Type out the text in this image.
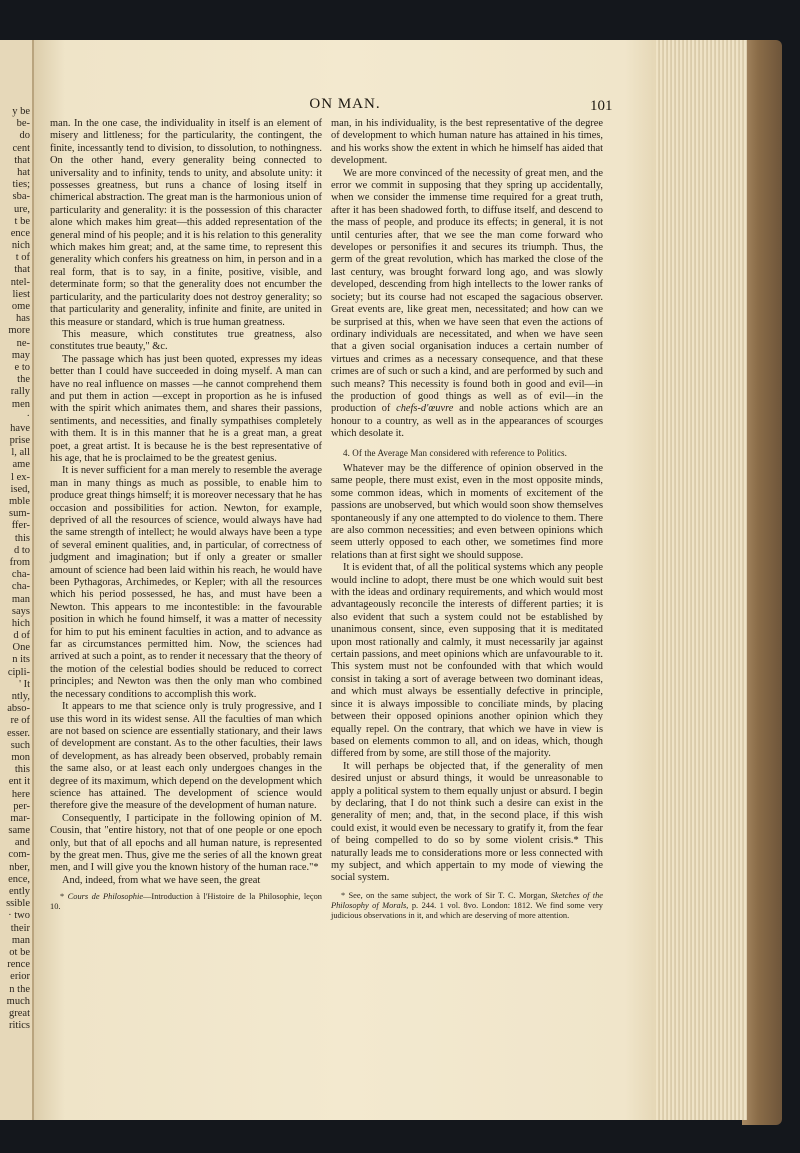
y be
be-
do
cent
that
hat
ties;
sba-
ure,
t be
ence
nich
t of
that
ntel-
liest
ome
has
more
ne-
may
e to
the
rally
men
·
have
prise
l, all
ame
l ex-
ised,
mble
sum-
ffer-
this
d to
from
cha-
cha-
man
says
hich
d of
One
n its
cipli-
' It
ntly,
abso-
re of
esser.
such
mon
this
ent it
here
per-
mar-
same
and
com-
nber,
ence,
ently
ssible
· two
their
man
ot be
rence
erior
n the
much
great
ritics
ON MAN.	101

man. In the one case, the individuality in itself is an element of misery and littleness; for the particularity, the contingent, the finite, incessantly tend to division, to dissolution, to nothingness. On the other hand, every generality being connected to universality and to infinity, tends to unity, and absolute unity: it possesses greatness, but runs a chance of losing itself in chimerical abstraction. The great man is the harmonious union of particularity and generality: it is the possession of this character alone which makes him great—this added representation of the general mind of his people; and it is his relation to this generality which makes him great; and, at the same time, to represent this generality which confers his greatness on him, in person and in a real form, that is to say, in a finite, positive, visible, and determinate form; so that the generality does not encumber the particularity, and the particularity does not destroy generality; so that particularity and generality, infinite and finite, are united in this measure or standard, which is true human greatness.

This measure, which constitutes true greatness, also constitutes true beauty," &c.

The passage which has just been quoted, expresses my ideas better than I could have succeeded in doing myself. A man can have no real influence on masses —he cannot comprehend them and put them in action —except in proportion as he is infused with the spirit which animates them, and shares their passions, sentiments, and necessities, and finally sympathises completely with them. It is in this manner that he is a great man, a great poet, a great artist. It is because he is the best representative of his age, that he is proclaimed to be the greatest genius.

It is never sufficient for a man merely to resemble the average man in many things as much as possible, to enable him to produce great things himself; it is moreover necessary that he has occasion and possibilities for action. Newton, for example, deprived of all the resources of science, would always have had the same strength of intellect; he would always have been a type of several eminent qualities, and, in particular, of correctness of judgment and imagination; but if only a greater or smaller amount of science had been laid within his reach, he would have been Pythagoras, Archimedes, or Kepler; with all the resources which his period possessed, he has, and must have been a Newton. This appears to me incontestible: in the favourable position in which he found himself, it was a matter of necessity for him to put his eminent faculties in action, and to advance as far as circumstances permitted him. Now, the sciences had arrived at such a point, as to render it necessary that the theory of the motion of the celestial bodies should be reduced to correct principles; and Newton was then the only man who combined the necessary conditions to accomplish this work.

It appears to me that science only is truly progressive, and I use this word in its widest sense. All the faculties of man which are not based on science are essentially stationary, and their laws of development are constant. As to the other faculties, their laws of development, as has already been observed, probably remain the same also, or at least each only undergoes changes in the degree of its maximum, which depend on the development which science has attained. The development of science would therefore give the measure of the development of human nature.

Consequently, I participate in the following opinion of M. Cousin, that "entire history, not that of one people or one epoch only, but that of all epochs and all human nature, is represented by the great men. Thus, give me the series of all the known great men, and I will give you the known history of the human race."*

And, indeed, from what we have seen, the great

* Cours de Philosophie—Introduction à l'Histoire de la Philosophie, leçon 10.

man, in his individuality, is the best representative of the degree of development to which human nature has attained in his times, and his works show the extent in which he himself has aided that development.

We are more convinced of the necessity of great men, and the error we commit in supposing that they spring up accidentally, when we consider the immense time required for a great truth, after it has been shadowed forth, to diffuse itself, and descend to the mass of people, and produce its effects; in general, it is not until centuries after, that we see the man come forward who developes or personifies it and secures its triumph. Thus, the germ of the great revolution, which has marked the close of the last century, was brought forward long ago, and was slowly developed, descending from high intellects to the lower ranks of society; but its course had not escaped the sagacious observer. Great events are, like great men, necessitated; and how can we be surprised at this, when we have seen that even the actions of ordinary individuals are necessitated, and when we have seen that a given social organisation induces a certain number of virtues and crimes as a necessary consequence, and that these crimes are of such or such a kind, and are performed by such and such means? This necessity is found both in good and evil—in the production of good things as well as of evil—in the production of chefs-d'œuvre and noble actions which are an honour to a country, as well as in the appearances of scourges which desolate it.

4. Of the Average Man considered with reference to Politics.

Whatever may be the difference of opinion observed in the same people, there must exist, even in the most opposite minds, some common ideas, which in moments of excitement of the passions are unobserved, but which would soon show themselves spontaneously if any one attempted to do violence to them. There are also common necessities; and even between opinions which seem utterly opposed to each other, we sometimes find more relations than at first sight we should suppose.

It is evident that, of all the political systems which any people would incline to adopt, there must be one which would suit best with the ideas and ordinary requirements, and which would most advantageously reconcile the interests of different parties; it is also evident that such a system could not be established by unanimous consent, since, even supposing that it is meditated upon most rationally and calmly, it must necessarily jar against certain passions, and meet opinions which are unfavourable to it. This system must not be confounded with that which would consist in taking a sort of average between two dominant ideas, and which must always be essentially defective in principle, since it is always impossible to conciliate minds, by placing between their opposed opinions another opinion which they equally repel. On the contrary, that which we have in view is based on elements common to all, and on ideas, which, though differed from by some, are still those of the majority.

It will perhaps be objected that, if the generality of men desired unjust or absurd things, it would be unreasonable to apply a political system to them equally unjust or absurd. I begin by declaring, that I do not think such a desire can exist in the generality of men; and, that, in the second place, if this wish could exist, it would even be necessary to gratify it, from the fear of being compelled to do so by some violent crisis.* This naturally leads me to considerations more or less connected with my subject, and which appertain to my mode of viewing the social system.

* See, on the same subject, the work of Sir T. C. Morgan, Sketches of the Philosophy of Morals, p. 244. 1 vol. 8vo. London: 1812. We find some very judicious observations in it, and which are deserving of more attention.
